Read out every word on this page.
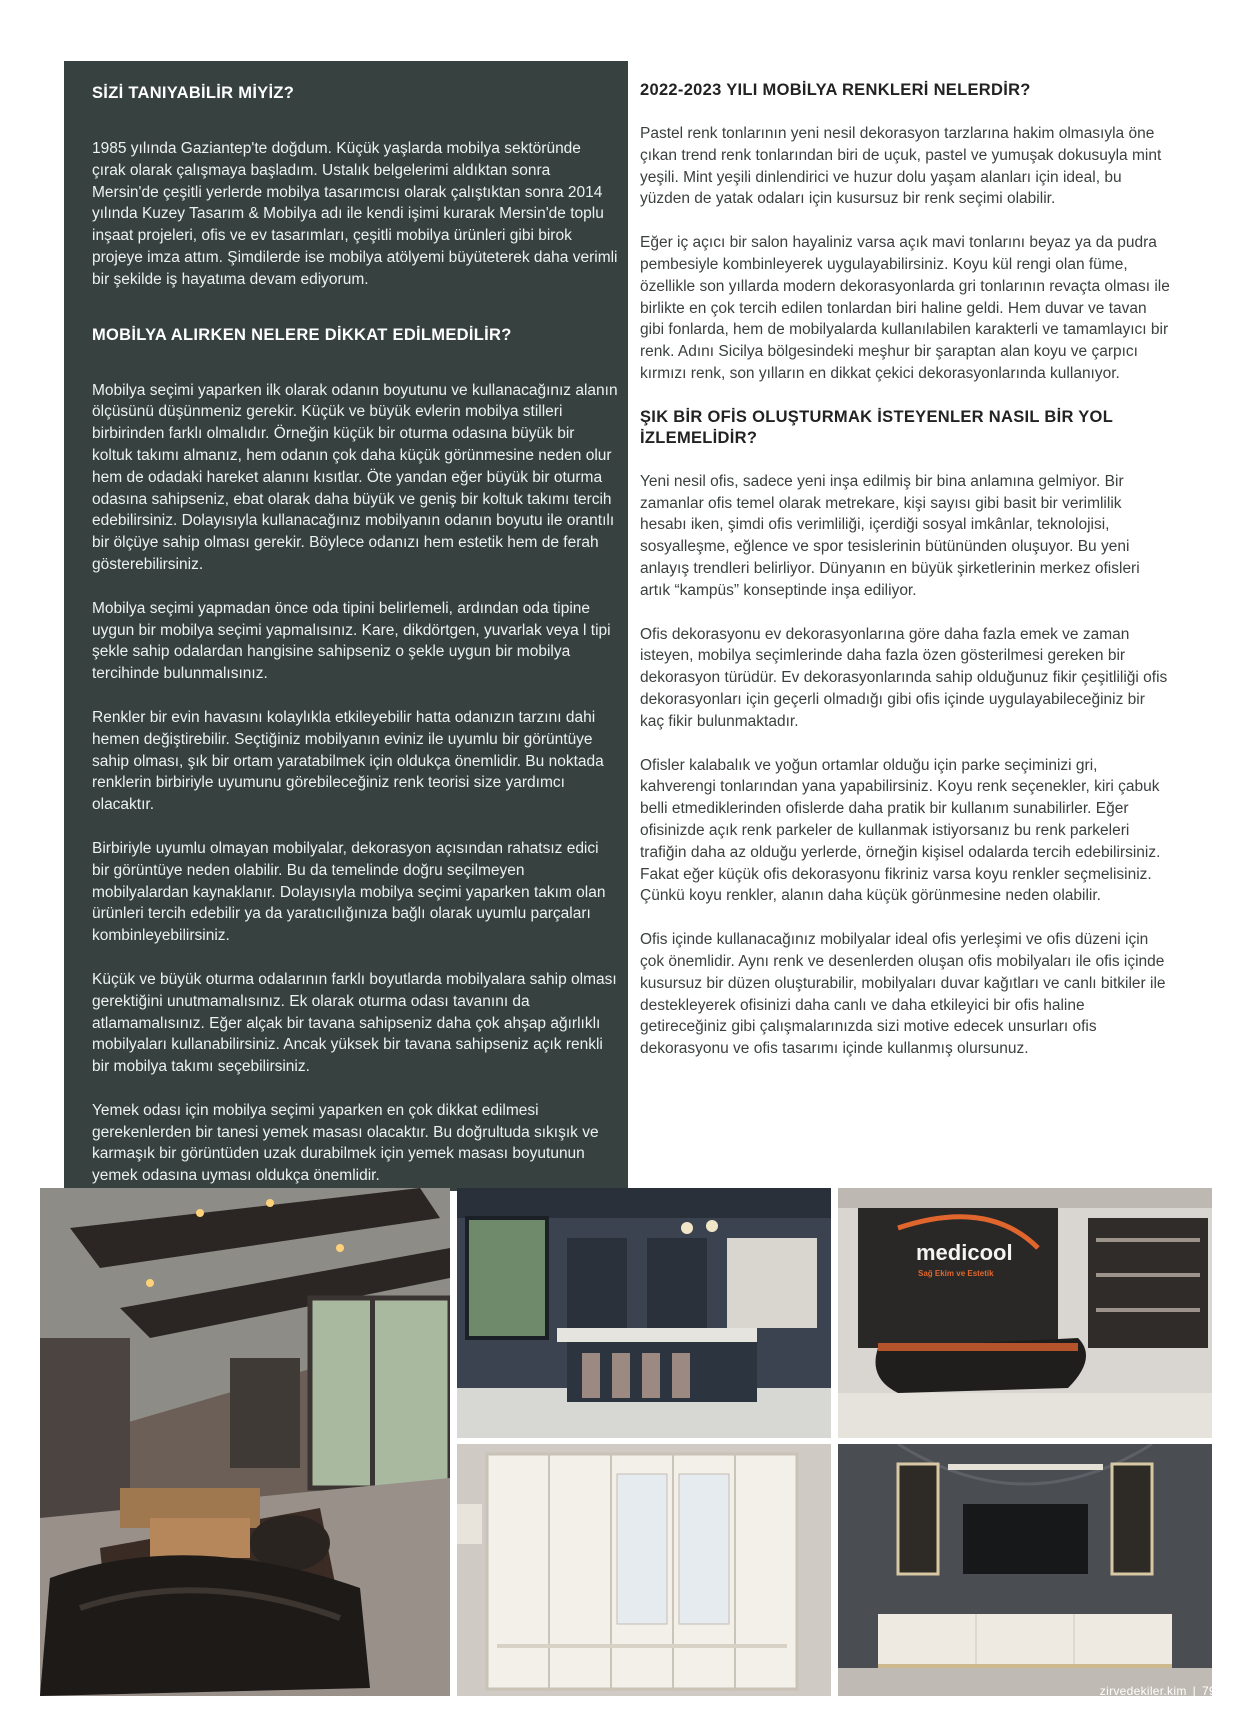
SİZİ TANIYABİLİR MİYİZ?

1985 yılında Gaziantep'te doğdum. Küçük yaşlarda mobilya sektöründe çırak olarak çalışmaya başladım. Ustalık belgelerimi aldıktan sonra Mersin'de çeşitli yerlerde mobilya tasarımcısı olarak çalıştıktan sonra 2014 yılında Kuzey Tasarım & Mobilya adı ile kendi işimi kurarak Mersin'de toplu inşaat projeleri, ofis ve ev tasarımları, çeşitli mobilya ürünleri gibi birok projeye imza attım. Şimdilerde ise mobilya atölyemi büyüteterek daha verimli bir şekilde iş hayatıma devam ediyorum.

MOBİLYA ALIRKEN NELERE DİKKAT EDİLMEDİLİR?

Mobilya seçimi yaparken ilk olarak odanın boyutunu ve kullanacağınız alanın ölçüsünü düşünmeniz gerekir. Küçük ve büyük evlerin mobilya stilleri birbirinden farklı olmalıdır. Örneğin küçük bir oturma odasına büyük bir koltuk takımı almanız, hem odanın çok daha küçük görünmesine neden olur hem de odadaki hareket alanını kısıtlar. Öte yandan eğer büyük bir oturma odasına sahipseniz, ebat olarak daha büyük ve geniş bir koltuk takımı tercih edebilirsiniz. Dolayısıyla kullanacağınız mobilyanın odanın boyutu ile orantılı bir ölçüye sahip olması gerekir. Böylece odanızı hem estetik hem de ferah gösterebilirsiniz.

Mobilya seçimi yapmadan önce oda tipini belirlemeli, ardından oda tipine uygun bir mobilya seçimi yapmalısınız. Kare, dikdörtgen, yuvarlak veya l tipi şekle sahip odalardan hangisine sahipseniz o şekle uygun bir mobilya tercihinde bulunmalısınız.

Renkler bir evin havasını kolaylıkla etkileyebilir hatta odanızın tarzını dahi hemen değiştirebilir. Seçtiğiniz mobilyanın eviniz ile uyumlu bir görüntüye sahip olması, şık bir ortam yaratabilmek için oldukça önemlidir. Bu noktada renklerin birbiriyle uyumunu görebileceğiniz renk teorisi size yardımcı olacaktır.

Birbiriyle uyumlu olmayan mobilyalar, dekorasyon açısından rahatsız edici bir görüntüye neden olabilir. Bu da temelinde doğru seçilmeyen mobilyalardan kaynaklanır. Dolayısıyla mobilya seçimi yaparken takım olan ürünleri tercih edebilir ya da yaratıcılığınıza bağlı olarak uyumlu parçaları kombinleyebilirsiniz.

Küçük ve büyük oturma odalarının farklı boyutlarda mobilyalara sahip olması gerektiğini unutmamalısınız. Ek olarak oturma odası tavanını da atlamamalısınız. Eğer alçak bir tavana sahipseniz daha çok ahşap ağırlıklı mobilyaları kullanabilirsiniz. Ancak yüksek bir tavana sahipseniz açık renkli bir mobilya takımı seçebilirsiniz.

Yemek odası için mobilya seçimi yaparken en çok dikkat edilmesi gerekenlerden bir tanesi yemek masası olacaktır. Bu doğrultuda sıkışık ve karmaşık bir görüntüden uzak durabilmek için yemek masası boyutunun yemek odasına uyması oldukça önemlidir.

2022-2023 YILI MOBİLYA RENKLERİ NELERDİR?

Pastel renk tonlarının yeni nesil dekorasyon tarzlarına hakim olmasıyla öne çıkan trend renk tonlarından biri de uçuk, pastel ve yumuşak dokusuyla mint yeşili. Mint yeşili dinlendirici ve huzur dolu yaşam alanları için ideal, bu yüzden de yatak odaları için kusursuz bir renk seçimi olabilir.

Eğer iç açıcı bir salon hayaliniz varsa açık mavi tonlarını beyaz ya da pudra pembesiyle kombinleyerek uygulayabilirsiniz. Koyu kül rengi olan füme, özellikle son yıllarda modern dekorasyonlarda gri tonlarının revaçta olması ile birlikte en çok tercih edilen tonlardan biri haline geldi. Hem duvar ve tavan gibi fonlarda, hem de mobilyalarda kullanılabilen karakterli ve tamamlayıcı bir renk. Adını Sicilya bölgesindeki meşhur bir şaraptan alan koyu ve çarpıcı kırmızı renk, son yılların en dikkat çekici dekorasyonlarında kullanıyor.

ŞIK BİR OFİS OLUŞTURMAK İSTEYENLER NASIL BİR YOL İZLEMELİDİR?

Yeni nesil ofis, sadece yeni inşa edilmiş bir bina anlamına gelmiyor. Bir zamanlar ofis temel olarak metrekare, kişi sayısı gibi basit bir verimlilik hesabı iken, şimdi ofis verimliliği, içerdiği sosyal imkânlar, teknolojisi, sosyalleşme, eğlence ve spor tesislerinin bütününden oluşuyor. Bu yeni anlayış trendleri belirliyor. Dünyanın en büyük şirketlerinin merkez ofisleri artık “kampüs” konseptinde inşa ediliyor.

Ofis dekorasyonu ev dekorasyonlarına göre daha fazla emek ve zaman isteyen, mobilya seçimlerinde daha fazla özen gösterilmesi gereken bir dekorasyon türüdür. Ev dekorasyonlarında sahip olduğunuz fikir çeşitliliği ofis dekorasyonları için geçerli olmadığı gibi ofis içinde uygulayabileceğiniz bir kaç fikir bulunmaktadır.

Ofisler kalabalık ve yoğun ortamlar olduğu için parke seçiminizi gri, kahverengi tonlarından yana yapabilirsiniz. Koyu renk seçenekler, kiri çabuk belli etmediklerinden ofislerde daha pratik bir kullanım sunabilirler. Eğer ofisinizde açık renk parkeler de kullanmak istiyorsanız bu renk parkeleri trafiğin daha az olduğu yerlerde, örneğin kişisel odalarda tercih edebilirsiniz. Fakat eğer küçük ofis dekorasyonu fikriniz varsa koyu renkler seçmelisiniz. Çünkü koyu renkler, alanın daha küçük görünmesine neden olabilir.

Ofis içinde kullanacağınız mobilyalar ideal ofis yerleşimi ve ofis düzeni için çok önemlidir. Aynı renk ve desenlerden oluşan ofis mobilyaları ile ofis içinde kusursuz bir düzen oluşturabilir, mobilyaları duvar kağıtları ve canlı bitkiler ile destekleyerek ofisinizi daha canlı ve daha etkileyici bir ofis haline getireceğiniz gibi çalışmalarınızda sizi motive edecek unsurları ofis dekorasyonu ve ofis tasarımı içinde kullanmış olursunuz.

medicool
Sağ Ekim ve Estetik
zirvedekiler.kim | 79
